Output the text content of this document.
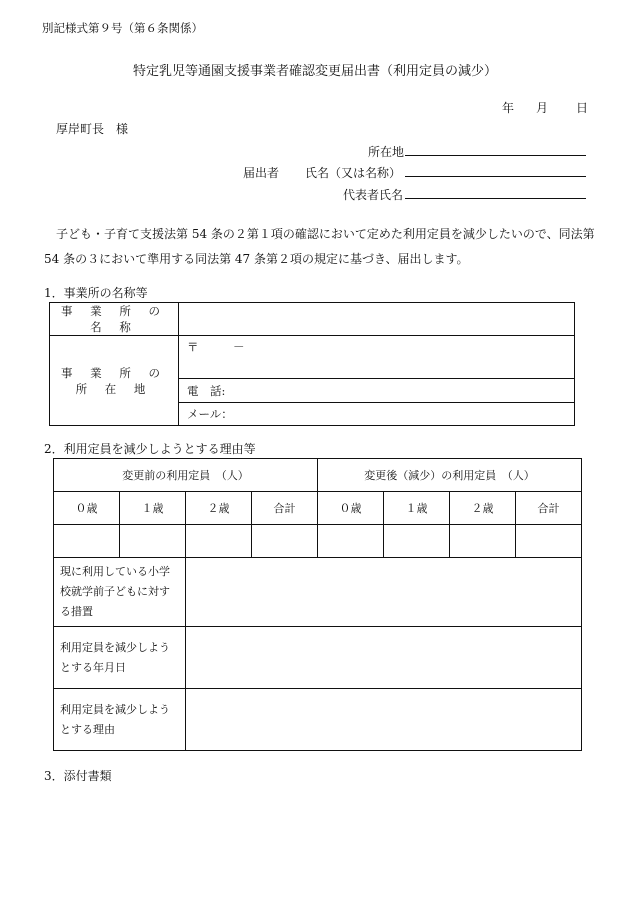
別記様式第９号（第６条関係）
特定乳児等通園支援事業者確認変更届出書（利用定員の減少）
年 月 日
厚岸町長　様
所在地
届出者 氏名（又は名称）
代表者氏名
　子ども・子育て支援法第 54 条の２第１項の確認において定めた利用定員を減少したいので、同法第 54 条の３において準用する同法第 47 条第２項の規定に基づき、届出します。
1．事業所の名称等
事 業 所 の 名 称	
事 業 所 の 所 在 地	〒　　　－
	電　話:
	メール：
2．利用定員を減少しようとする理由等
変更前の利用定員　（人）				変更後（減少）の利用定員　（人）			
０歳	１歳	２歳	合計	０歳	１歳	２歳	合計

現に利用している小学校就学前子どもに対する措置							
利用定員を減少しようとする年月日							
利用定員を減少しようとする理由							
3．添付書類
